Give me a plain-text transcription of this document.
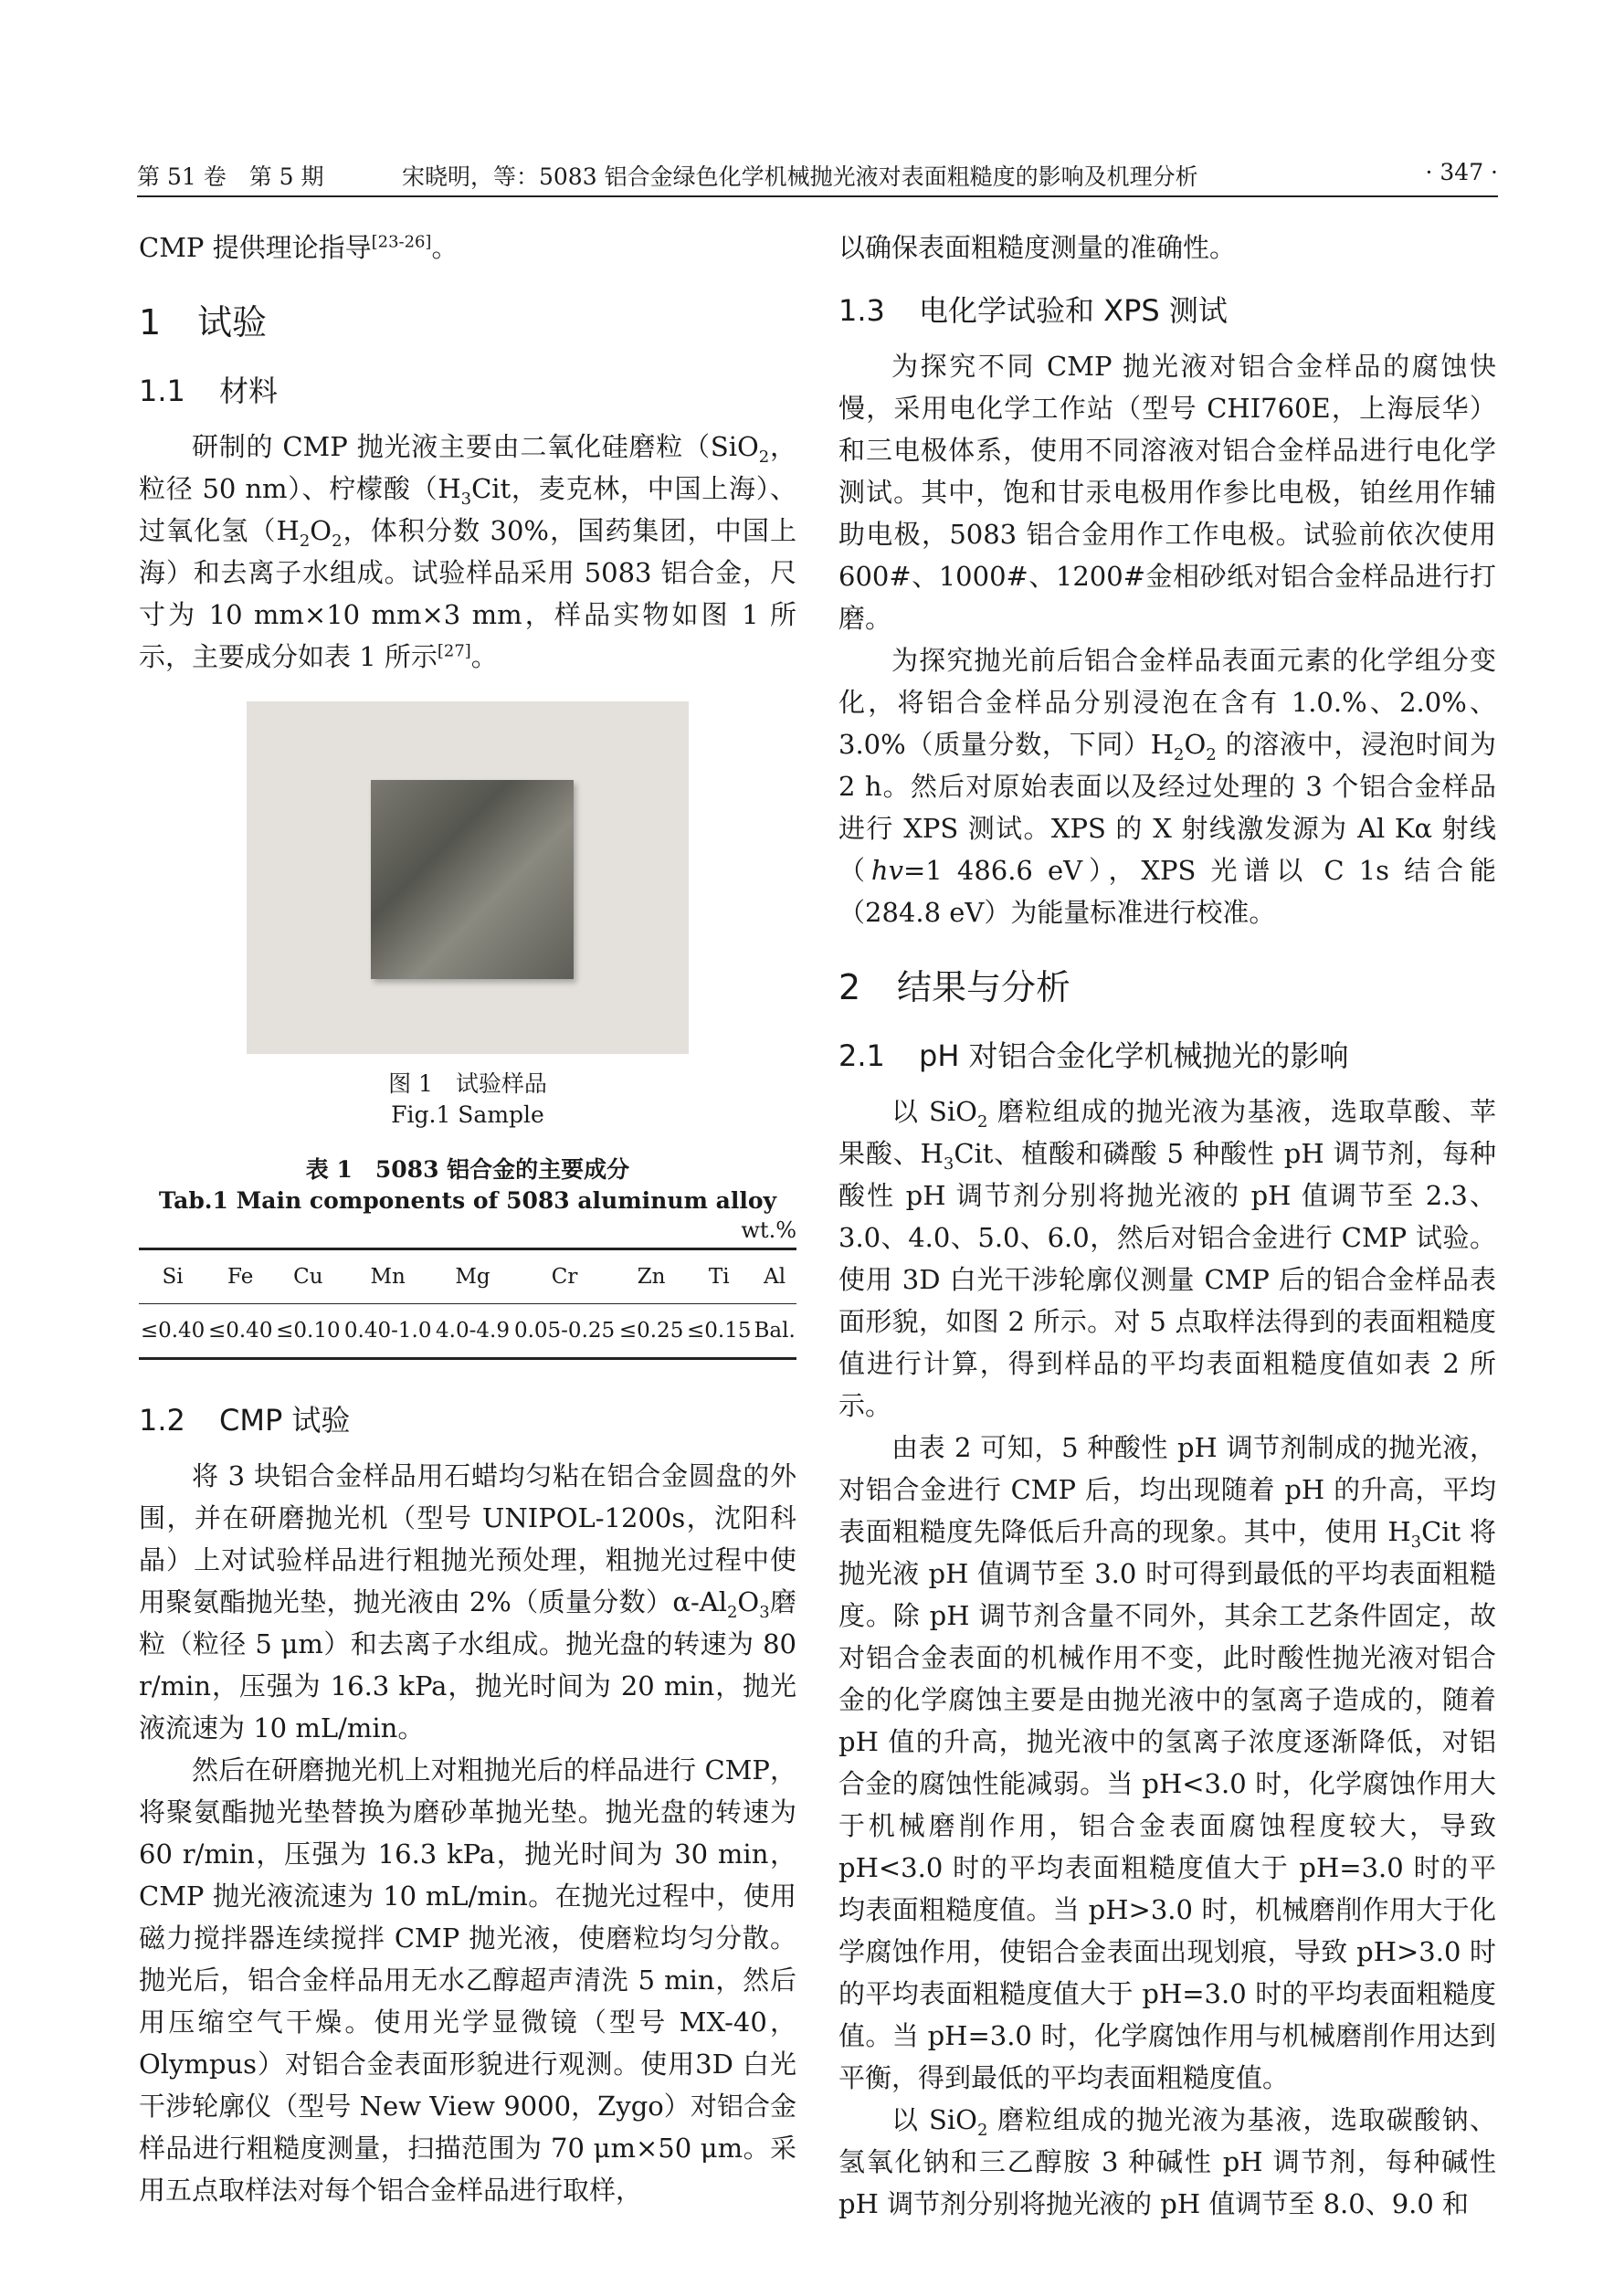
第 51 卷　第 5 期	宋晓明，等：5083 铝合金绿色化学机械抛光液对表面粗糙度的影响及机理分析	· 347 ·

CMP 提供理论指导[23-26]。

1 试验
1.1 材料

研制的 CMP 抛光液主要由二氧化硅磨粒（SiO$_2$，粒径 50 nm）、柠檬酸（$H_3Cit$，麦克林，中国上海）、过氧化氢（$H_2O_2$，体积分数 30%，国药集团，中国上海）和去离子水组成。试验样品采用 5083 铝合金，尺寸为 10 mm×10 mm×3 mm，样品实物如图 1 所示，主要成分如表 1 所示[27]。

图 1　试验样品
Fig.1 Sample
表 1　5083 铝合金的主要成分
Tab.1 Main components of 5083 aluminum alloy
wt.%
Si	Fe	Cu	Mn	Mg	Cr	Zn	Ti	Al
≤0.40	≤0.40	≤0.10	0.40-1.0	4.0-4.9	0.05-0.25	≤0.25	≤0.15	Bal.
1.2 CMP 试验

将 3 块铝合金样品用石蜡均匀粘在铝合金圆盘的外围，并在研磨抛光机（型号 UNIPOL-1200s，沈阳科晶）上对试验样品进行粗抛光预处理，粗抛光过程中使用聚氨酯抛光垫，抛光液由 2%（质量分数）$\alpha-Al_2O_3$磨粒（粒径 5 μm）和去离子水组成。抛光盘的转速为 80 r/min，压强为 16.3 kPa，抛光时间为 20 min，抛光液流速为 10 mL/min。

然后在研磨抛光机上对粗抛光后的样品进行 CMP，将聚氨酯抛光垫替换为磨砂革抛光垫。抛光盘的转速为 60 r/min，压强为 16.3 kPa，抛光时间为 30 min，CMP 抛光液流速为 10 mL/min。在抛光过程中，使用磁力搅拌器连续搅拌 CMP 抛光液，使磨粒均匀分散。抛光后，铝合金样品用无水乙醇超声清洗 5 min，然后用压缩空气干燥。使用光学显微镜（型号 MX-40，Olympus）对铝合金表面形貌进行观测。使用3D 白光干涉轮廓仪（型号 New View 9000，Zygo）对铝合金样品进行粗糙度测量，扫描范围为 70 μm×50 μm。采用五点取样法对每个铝合金样品进行取样，

以确保表面粗糙度测量的准确性。

1.3 电化学试验和 XPS 测试

为探究不同 CMP 抛光液对铝合金样品的腐蚀快慢，采用电化学工作站（型号 CHI760E，上海辰华）和三电极体系，使用不同溶液对铝合金样品进行电化学测试。其中，饱和甘汞电极用作参比电极，铂丝用作辅助电极，5083 铝合金用作工作电极。试验前依次使用 600#、1000#、1200#金相砂纸对铝合金样品进行打磨。

为探究抛光前后铝合金样品表面元素的化学组分变化，将铝合金样品分别浸泡在含有 1.0.%、2.0%、3.0%（质量分数，下同）$H_2O_2$ 的溶液中，浸泡时间为 2 h。然后对原始表面以及经过处理的 3 个铝合金样品进行 XPS 测试。XPS 的 X 射线激发源为 Al Kα 射线（hv=1 486.6 eV），XPS 光谱以 C 1s 结合能（284.8 eV）为能量标准进行校准。

2 结果与分析
2.1 pH 对铝合金化学机械抛光的影响

以 SiO$_2$ 磨粒组成的抛光液为基液，选取草酸、苹果酸、$H_3Cit$、植酸和磷酸 5 种酸性 pH 调节剂，每种酸性 pH 调节剂分别将抛光液的 pH 值调节至 2.3、3.0、4.0、5.0、6.0，然后对铝合金进行 CMP 试验。使用 3D 白光干涉轮廓仪测量 CMP 后的铝合金样品表面形貌，如图 2 所示。对 5 点取样法得到的表面粗糙度值进行计算，得到样品的平均表面粗糙度值如表 2 所示。

由表 2 可知，5 种酸性 pH 调节剂制成的抛光液，对铝合金进行 CMP 后，均出现随着 pH 的升高，平均表面粗糙度先降低后升高的现象。其中，使用 $H_3Cit$ 将抛光液 pH 值调节至 3.0 时可得到最低的平均表面粗糙度。除 pH 调节剂含量不同外，其余工艺条件固定，故对铝合金表面的机械作用不变，此时酸性抛光液对铝合金的化学腐蚀主要是由抛光液中的氢离子造成的，随着 pH 值的升高，抛光液中的氢离子浓度逐渐降低，对铝合金的腐蚀性能减弱。当 pH<3.0 时，化学腐蚀作用大于机械磨削作用，铝合金表面腐蚀程度较大，导致 pH<3.0 时的平均表面粗糙度值大于 pH=3.0 时的平均表面粗糙度值。当 pH>3.0 时，机械磨削作用大于化学腐蚀作用，使铝合金表面出现划痕，导致 pH>3.0 时的平均表面粗糙度值大于 pH=3.0 时的平均表面粗糙度值。当 pH=3.0 时，化学腐蚀作用与机械磨削作用达到平衡，得到最低的平均表面粗糙度值。

以 SiO$_2$ 磨粒组成的抛光液为基液，选取碳酸钠、氢氧化钠和三乙醇胺 3 种碱性 pH 调节剂，每种碱性 pH 调节剂分别将抛光液的 pH 值调节至 8.0、9.0 和
